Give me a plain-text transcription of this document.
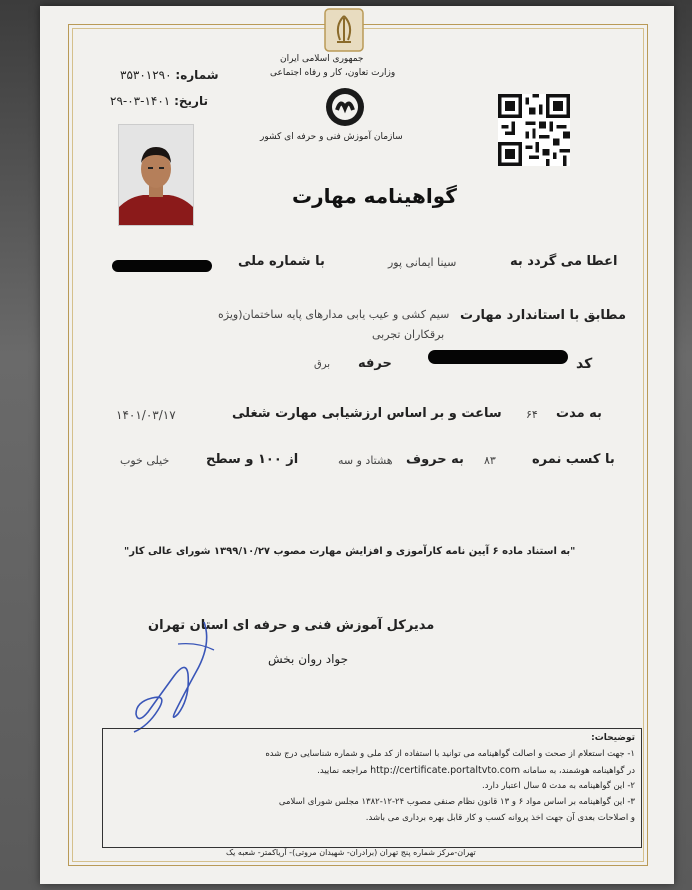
جمهوری اسلامی ایران
وزارت تعاون، کار و رفاه اجتماعی
سازمان آموزش فنی و حرفه ای کشور
شماره: ۳۵۳۰۱۲۹۰
تاریخ: ۱۴۰۱-۰۳-۲۹
گواهینامه مهارت
اعطا می گردد به
سینا ایمانی پور
با شماره ملی
مطابق با استاندارد مهارت
سیم کشی و عیب یابی مدارهای پایه ساختمان(ویژه
برقکاران تجربی
کد
حرفه
برق
به مدت
۶۴
ساعت و بر اساس ارزشیابی مهارت شغلی
۱۴۰۱/۰۳/۱۷
با کسب نمره
۸۳
به حروف
هشتاد و سه
از ۱۰۰ و سطح
خیلی خوب
"به استناد ماده ۶ آیین نامه کارآموزی و افزایش مهارت مصوب ۱۳۹۹/۱۰/۲۷ شورای عالی کار"
مدیرکل آموزش فنی و حرفه ای استان تهران
جواد روان بخش
توضیحات:
۱- جهت استعلام از صحت و اصالت گواهینامه می توانید با استفاده از کد ملی و شماره شناسایی درج شده
در گواهینامه هوشمند، به سامانه http://certificate.portaltvto.com مراجعه نمایید.
۲- این گواهینامه به مدت ۵ سال اعتبار دارد.
۳- این گواهینامه بر اساس مواد ۶ و ۱۳ قانون نظام صنفی مصوب ۲۴-۱۲-۱۳۸۲ مجلس شورای اسلامی
و اصلاحات بعدی آن جهت اخذ پروانه کسب و کار قابل بهره برداری می باشد.
تهران-مرکز شماره پنج تهران (برادران- شهیدان مروتی)- آریاکمتر- شعبه یک
